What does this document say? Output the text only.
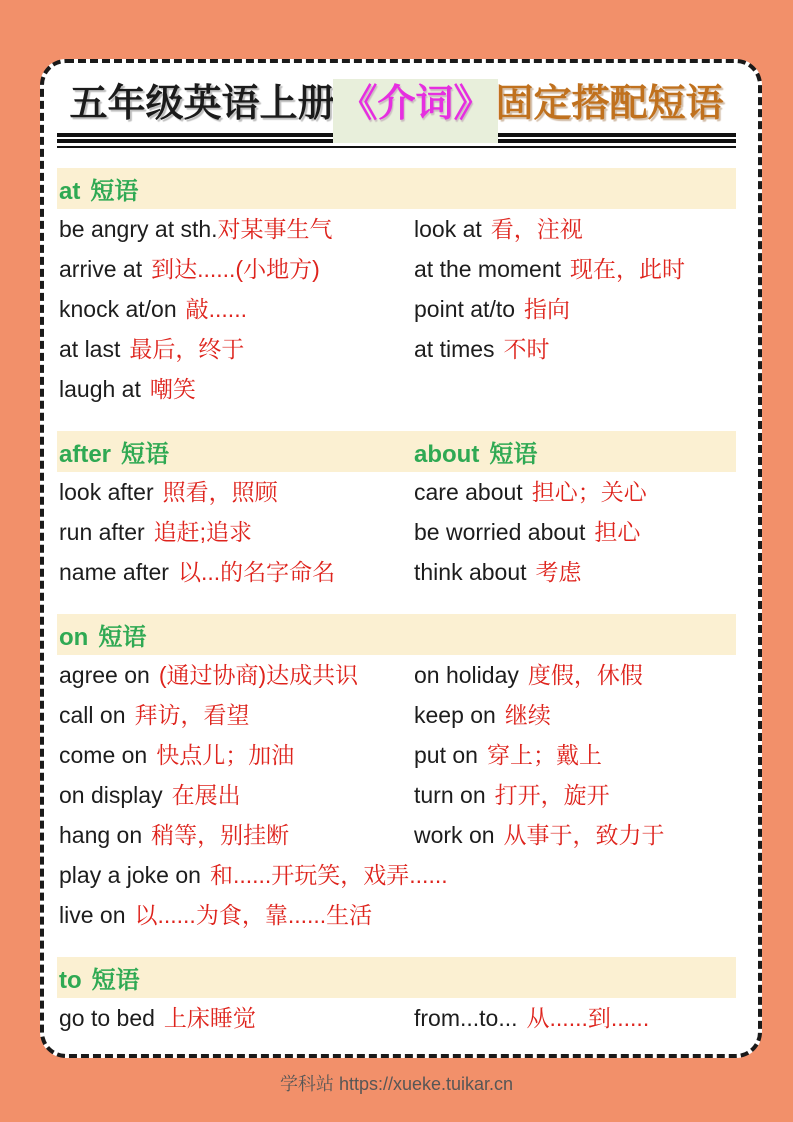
五年级英语上册 《介词》 固定搭配短语
at 短语
be angry at sth. 对某事生气	look at 看，注视
arrive at 到达......(小地方)	at the moment 现在，此时
knock at/on 敲......	point at/to 指向
at last 最后，终于	at times 不时
laugh at 嘲笑
after 短语	about 短语
look after 照看，照顾	care about 担心；关心
run after 追赶;追求	be worried about 担心
name after 以...的名字命名	think about 考虑
on 短语
agree on (通过协商)达成共识 on holiday 度假，休假
call on 拜访，看望	keep on 继续
come on 快点儿；加油	put on 穿上；戴上
on display 在展出	turn on 打开，旋开
hang on 稍等，别挂断	work on 从事于，致力于
play a joke on 和......开玩笑，戏弄......
live on 以......为食，靠......生活
to 短语
go to bed 上床睡觉	from...to... 从......到......
学科站 https://xueke.tuikar.cn
